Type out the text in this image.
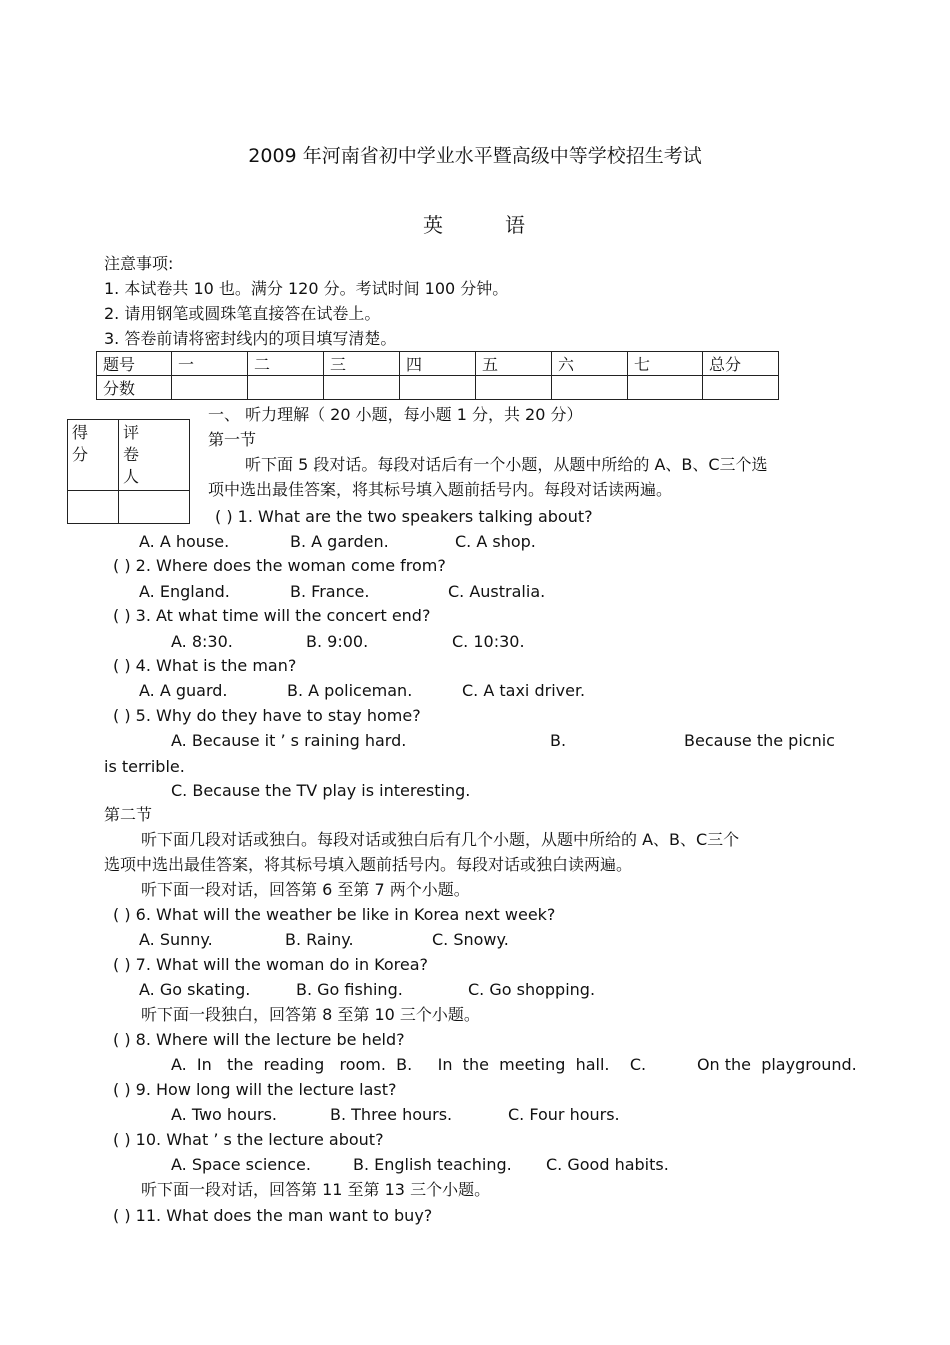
2009 年河南省初中学业水平暨高级中等学校招生考试
英	语
注意事项:
1. 本试卷共 10 也。满分 120 分。考试时间 100 分钟。
2. 请用钢笔或圆珠笔直接答在试卷上。
3. 答卷前请将密封线内的项目填写清楚。
题号	一	二	三	四	五	六	七	总分
分数								
得 分	评 卷 人

一、 听力理解（ 20 小题，每小题 1 分，共 20 分）
第一节
听下面 5 段对话。每段对话后有一个小题，从题中所给的 A、B、C三个选
项中选出最佳答案，将其标号填入题前括号内。每段对话读两遍。
( ) 1. What are the two speakers talking about?
A. A house.	B. A garden.	C. A shop.
( ) 2. Where does the woman come from?
A. England.	B. France.	C. Australia.
( ) 3. At what time will the concert end?
A. 8:30.	B. 9:00.	C. 10:30.
( ) 4. What is the man?
A. A guard.	B. A policeman.	C. A taxi driver.
( ) 5. Why do they have to stay home?
A. Because it ’ s raining hard.	B.	Because the picnic
is terrible.
C. Because the TV play is interesting.
第二节
听下面几段对话或独白。每段对话或独白后有几个小题，从题中所给的 A、B、C三个
选项中选出最佳答案，将其标号填入题前括号内。每段对话或独白读两遍。
听下面一段对话，回答第 6 至第 7 两个小题。
( ) 6. What will the weather be like in Korea next week?
A. Sunny.	B. Rainy.	C. Snowy.
( ) 7. What will the woman do in Korea?
A. Go skating.	B. Go fishing.	C. Go shopping.
听下面一段独白，回答第 8 至第 10 三个小题。
( ) 8. Where will the lecture be held?
A.  In   the  reading   room.  B.     In  the  meeting  hall.    C.          On the  playground.
( ) 9. How long will the lecture last?
A. Two hours.	B. Three hours.	C. Four hours.
( ) 10. What ’ s the lecture about?
A. Space science.	B. English teaching. C. Good habits.
听下面一段对话，回答第 11 至第 13 三个小题。
( ) 11. What does the man want to buy?
